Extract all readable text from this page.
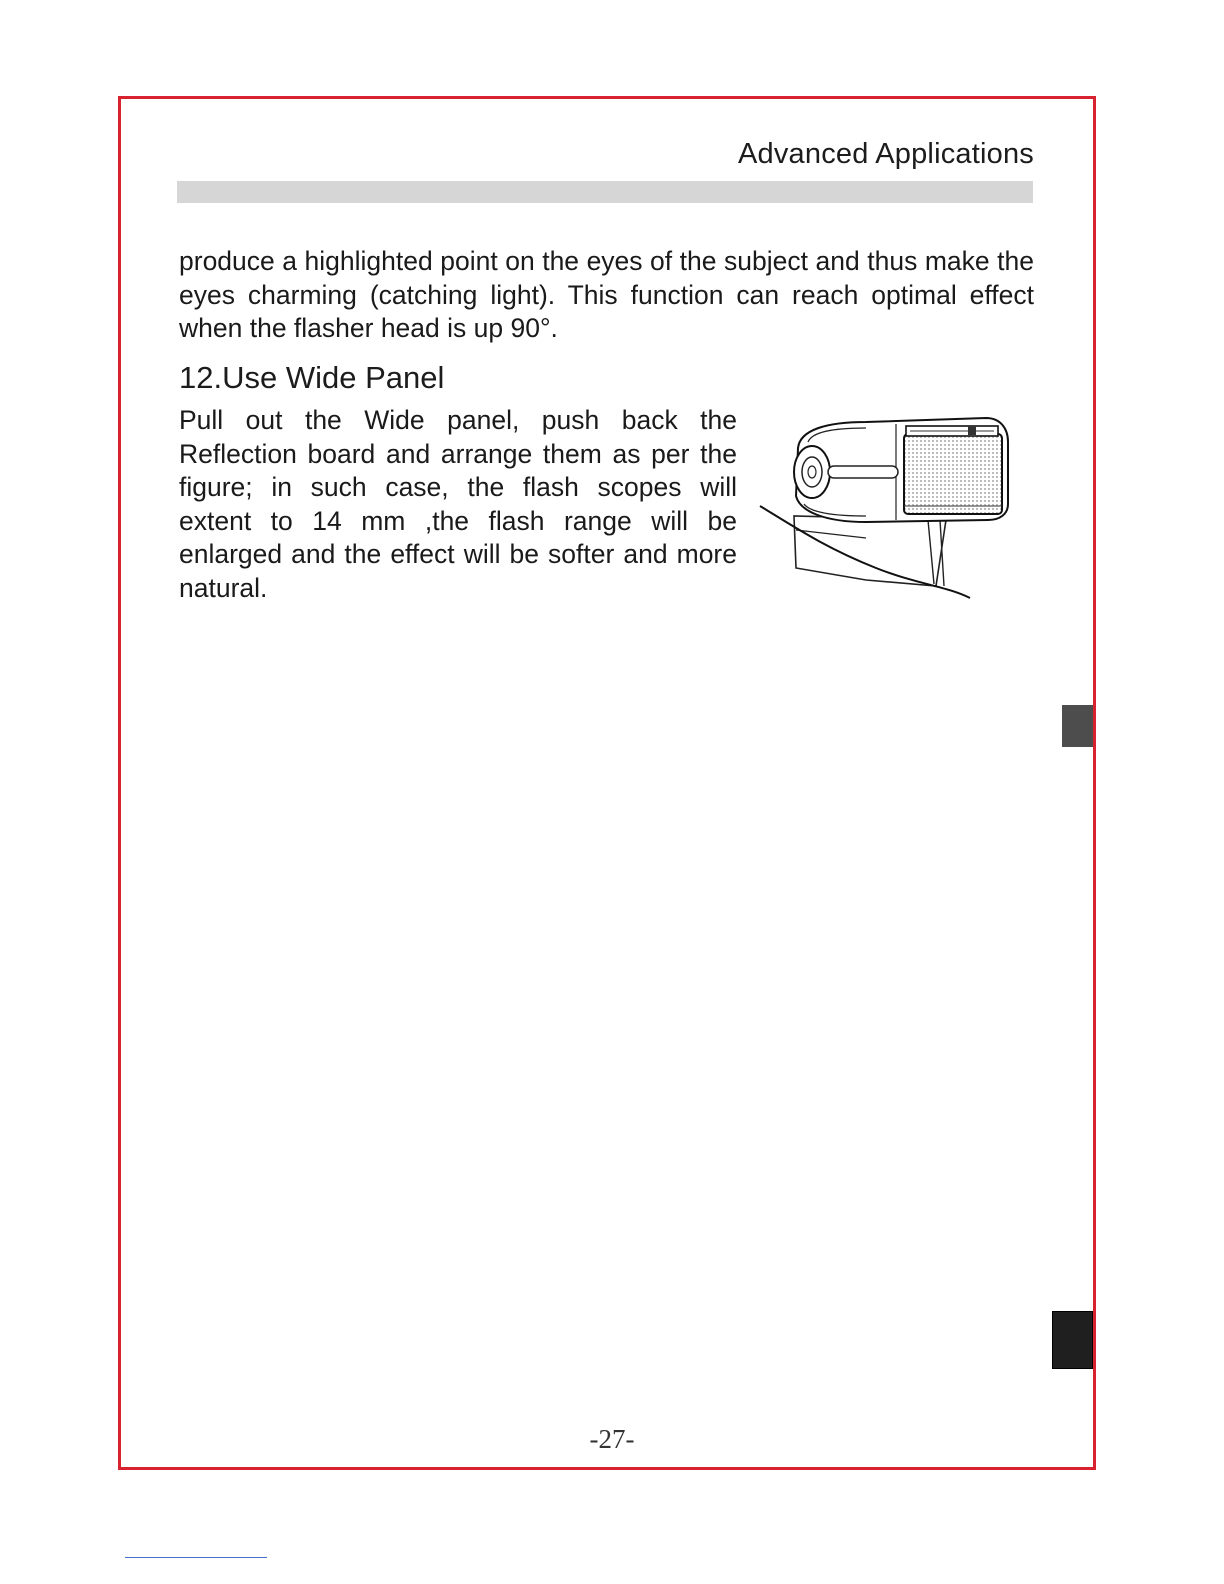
Advanced Applications

produce a highlighted point on the eyes of the subject and thus make the eyes charming (catching light). This function can reach optimal effect when the flasher head is up 90°.

12.Use Wide Panel

Pull out the Wide panel, push back the Reflection board and arrange them as per the figure; in such case, the flash scopes will extent to 14 mm ,the flash range will be enlarged and the effect will be softer and more natural.

-27-
